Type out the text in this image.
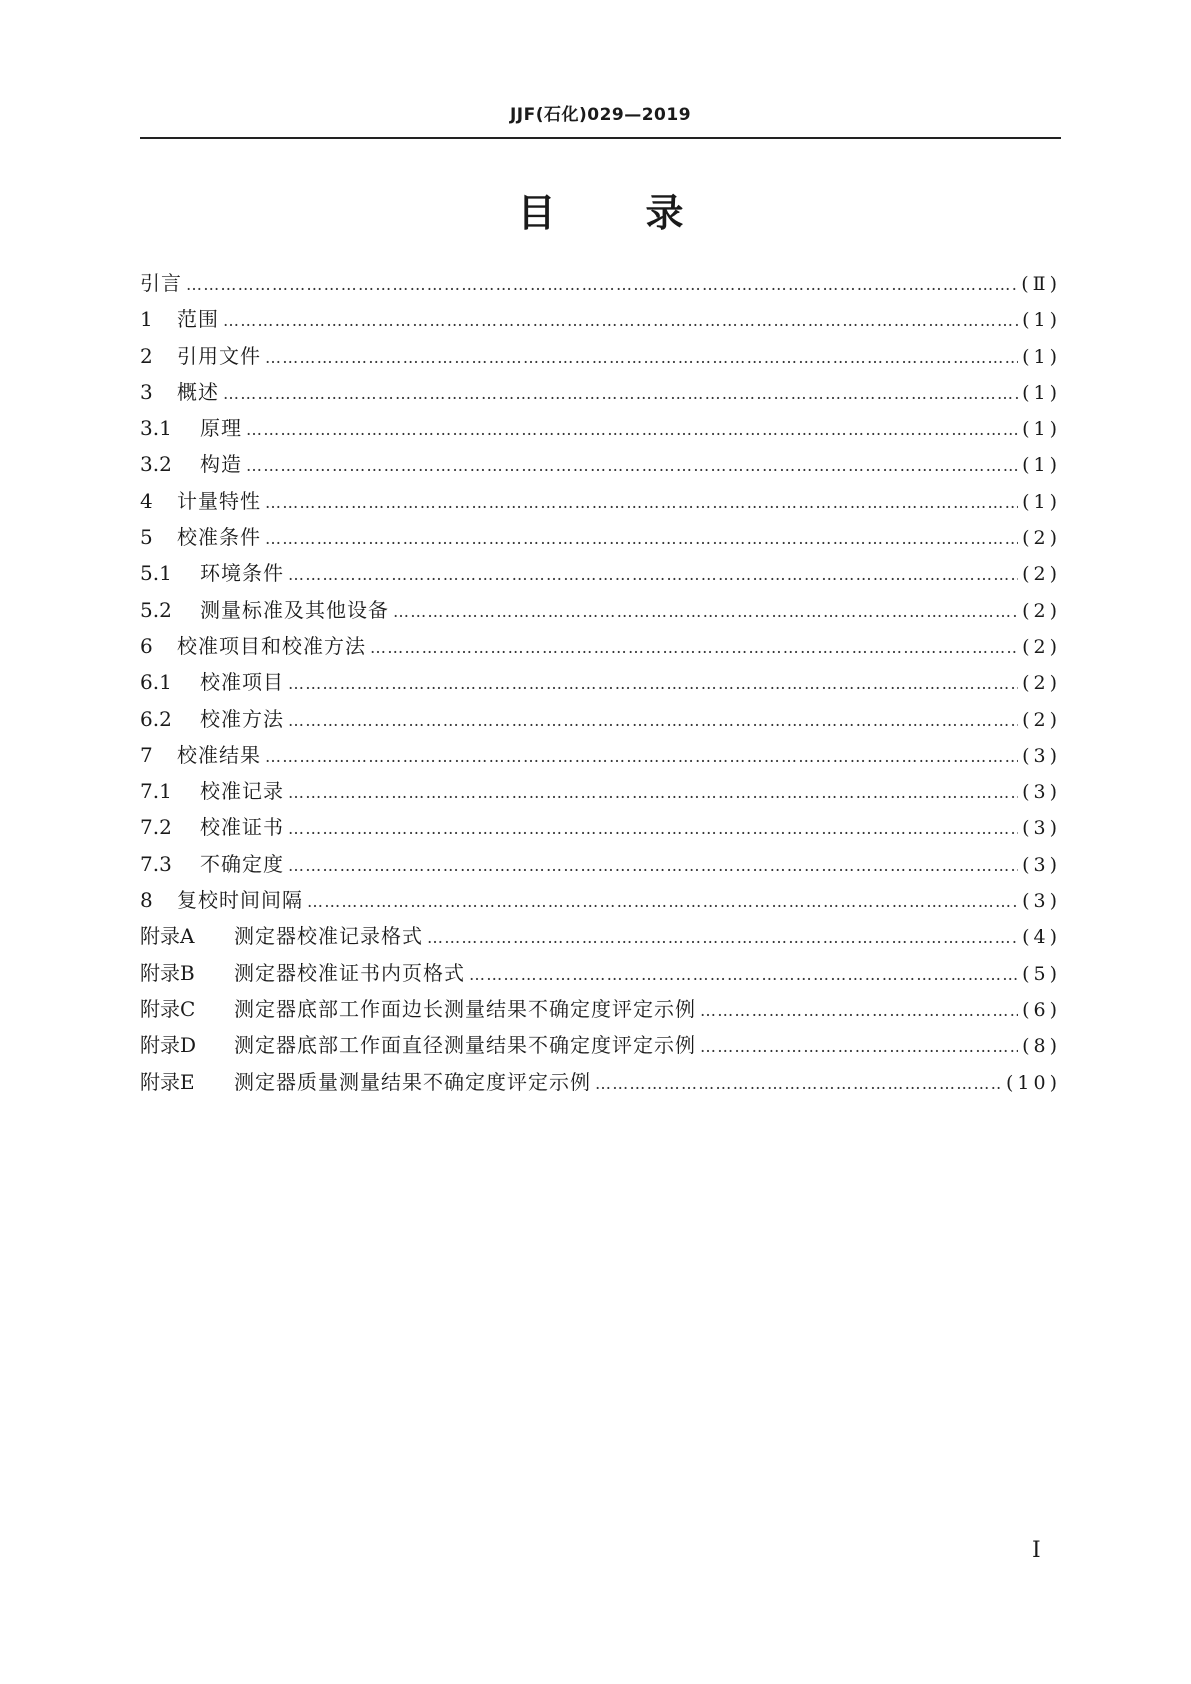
JJF(石化)029—2019
目 录
引言 ……………………………………………………………………………………………………………………………………………………	(Ⅱ)
1	范围 ……………………………………………………………………………………………………………………………………………………	(1)
2	引用文件 ……………………………………………………………………………………………………………………………………………………	(1)
3	概述 ……………………………………………………………………………………………………………………………………………………	(1)
3.1	原理 ……………………………………………………………………………………………………………………………………………………	(1)
3.2	构造 ……………………………………………………………………………………………………………………………………………………	(1)
4	计量特性 ……………………………………………………………………………………………………………………………………………………	(1)
5	校准条件 ……………………………………………………………………………………………………………………………………………………	(2)
5.1	环境条件 ……………………………………………………………………………………………………………………………………………………	(2)
5.2	测量标准及其他设备 ……………………………………………………………………………………………………………………………………………………	(2)
6	校准项目和校准方法 ……………………………………………………………………………………………………………………………………………………	(2)
6.1	校准项目 ……………………………………………………………………………………………………………………………………………………	(2)
6.2	校准方法 ……………………………………………………………………………………………………………………………………………………	(2)
7	校准结果 ……………………………………………………………………………………………………………………………………………………	(3)
7.1	校准记录 ……………………………………………………………………………………………………………………………………………………	(3)
7.2	校准证书 ……………………………………………………………………………………………………………………………………………………	(3)
7.3	不确定度 ……………………………………………………………………………………………………………………………………………………	(3)
8	复校时间间隔 ……………………………………………………………………………………………………………………………………………………	(3)
附录A	测定器校准记录格式 ……………………………………………………………………………………………………………………………………………………	(4)
附录B	测定器校准证书内页格式 ……………………………………………………………………………………………………………………………………………………	(5)
附录C	测定器底部工作面边长测量结果不确定度评定示例 ……………………………………………………………………………………………………………………………………………………	(6)
附录D	测定器底部工作面直径测量结果不确定度评定示例 ……………………………………………………………………………………………………………………………………………………	(8)
附录E	测定器质量测量结果不确定度评定示例 ……………………………………………………………………………………………………………………………………………………	(10)
Ⅰ
